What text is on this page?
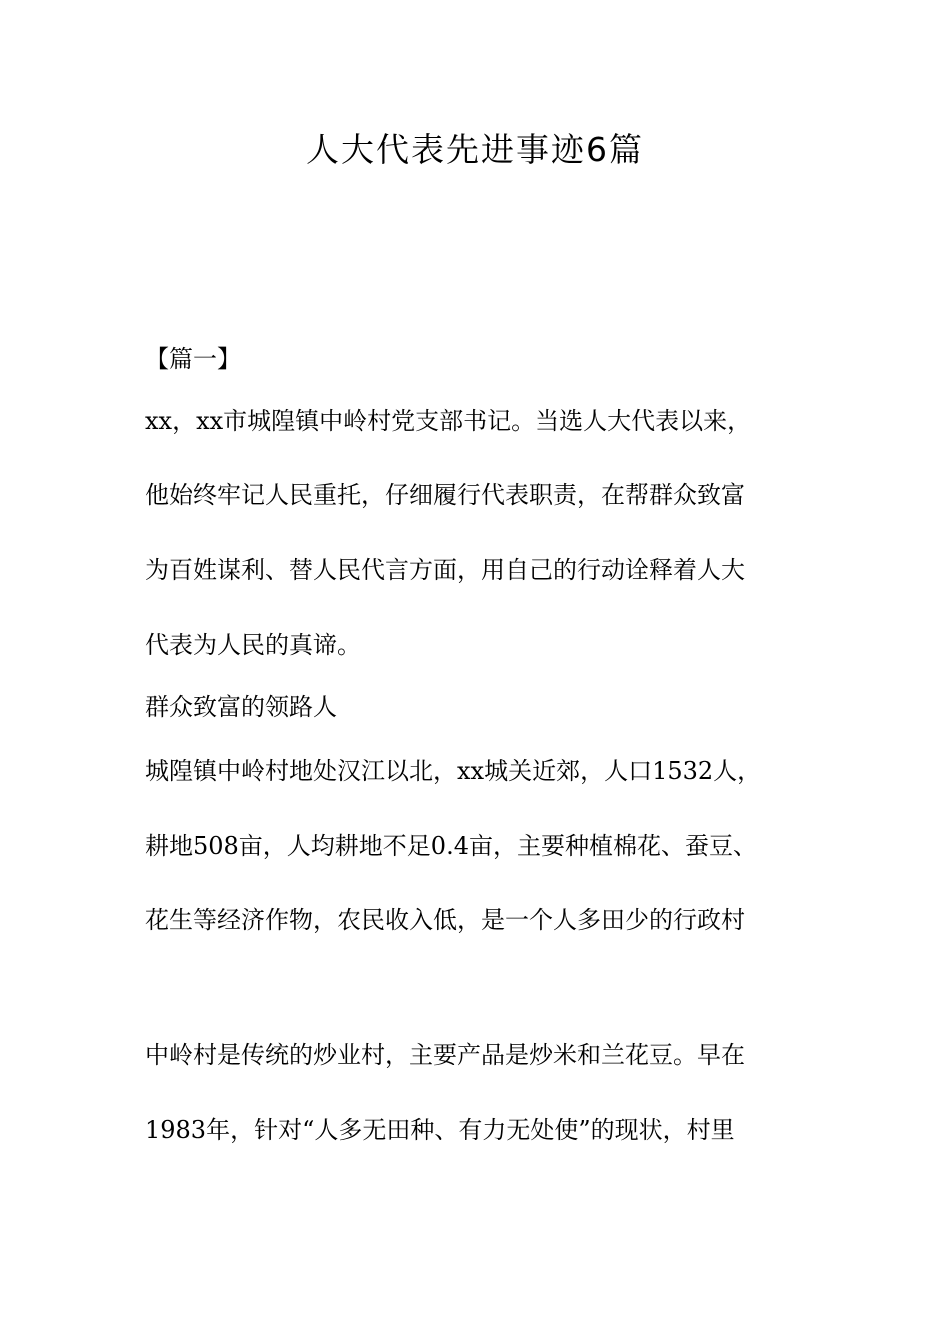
人大代表先进事迹6篇
【篇一】
xx，xx市城隍镇中岭村党支部书记。当选人大代表以来，
他始终牢记人民重托，仔细履行代表职责，在帮群众致富
为百姓谋利、替人民代言方面，用自己的行动诠释着人大
代表为人民的真谛。
群众致富的领路人
城隍镇中岭村地处汉江以北，xx城关近郊，人口1532人，
耕地508亩，人均耕地不足0.4亩，主要种植棉花、蚕豆、
花生等经济作物，农民收入低，是一个人多田少的行政村
中岭村是传统的炒业村，主要产品是炒米和兰花豆。早在
1983年，针对“人多无田种、有力无处使”的现状，村里
